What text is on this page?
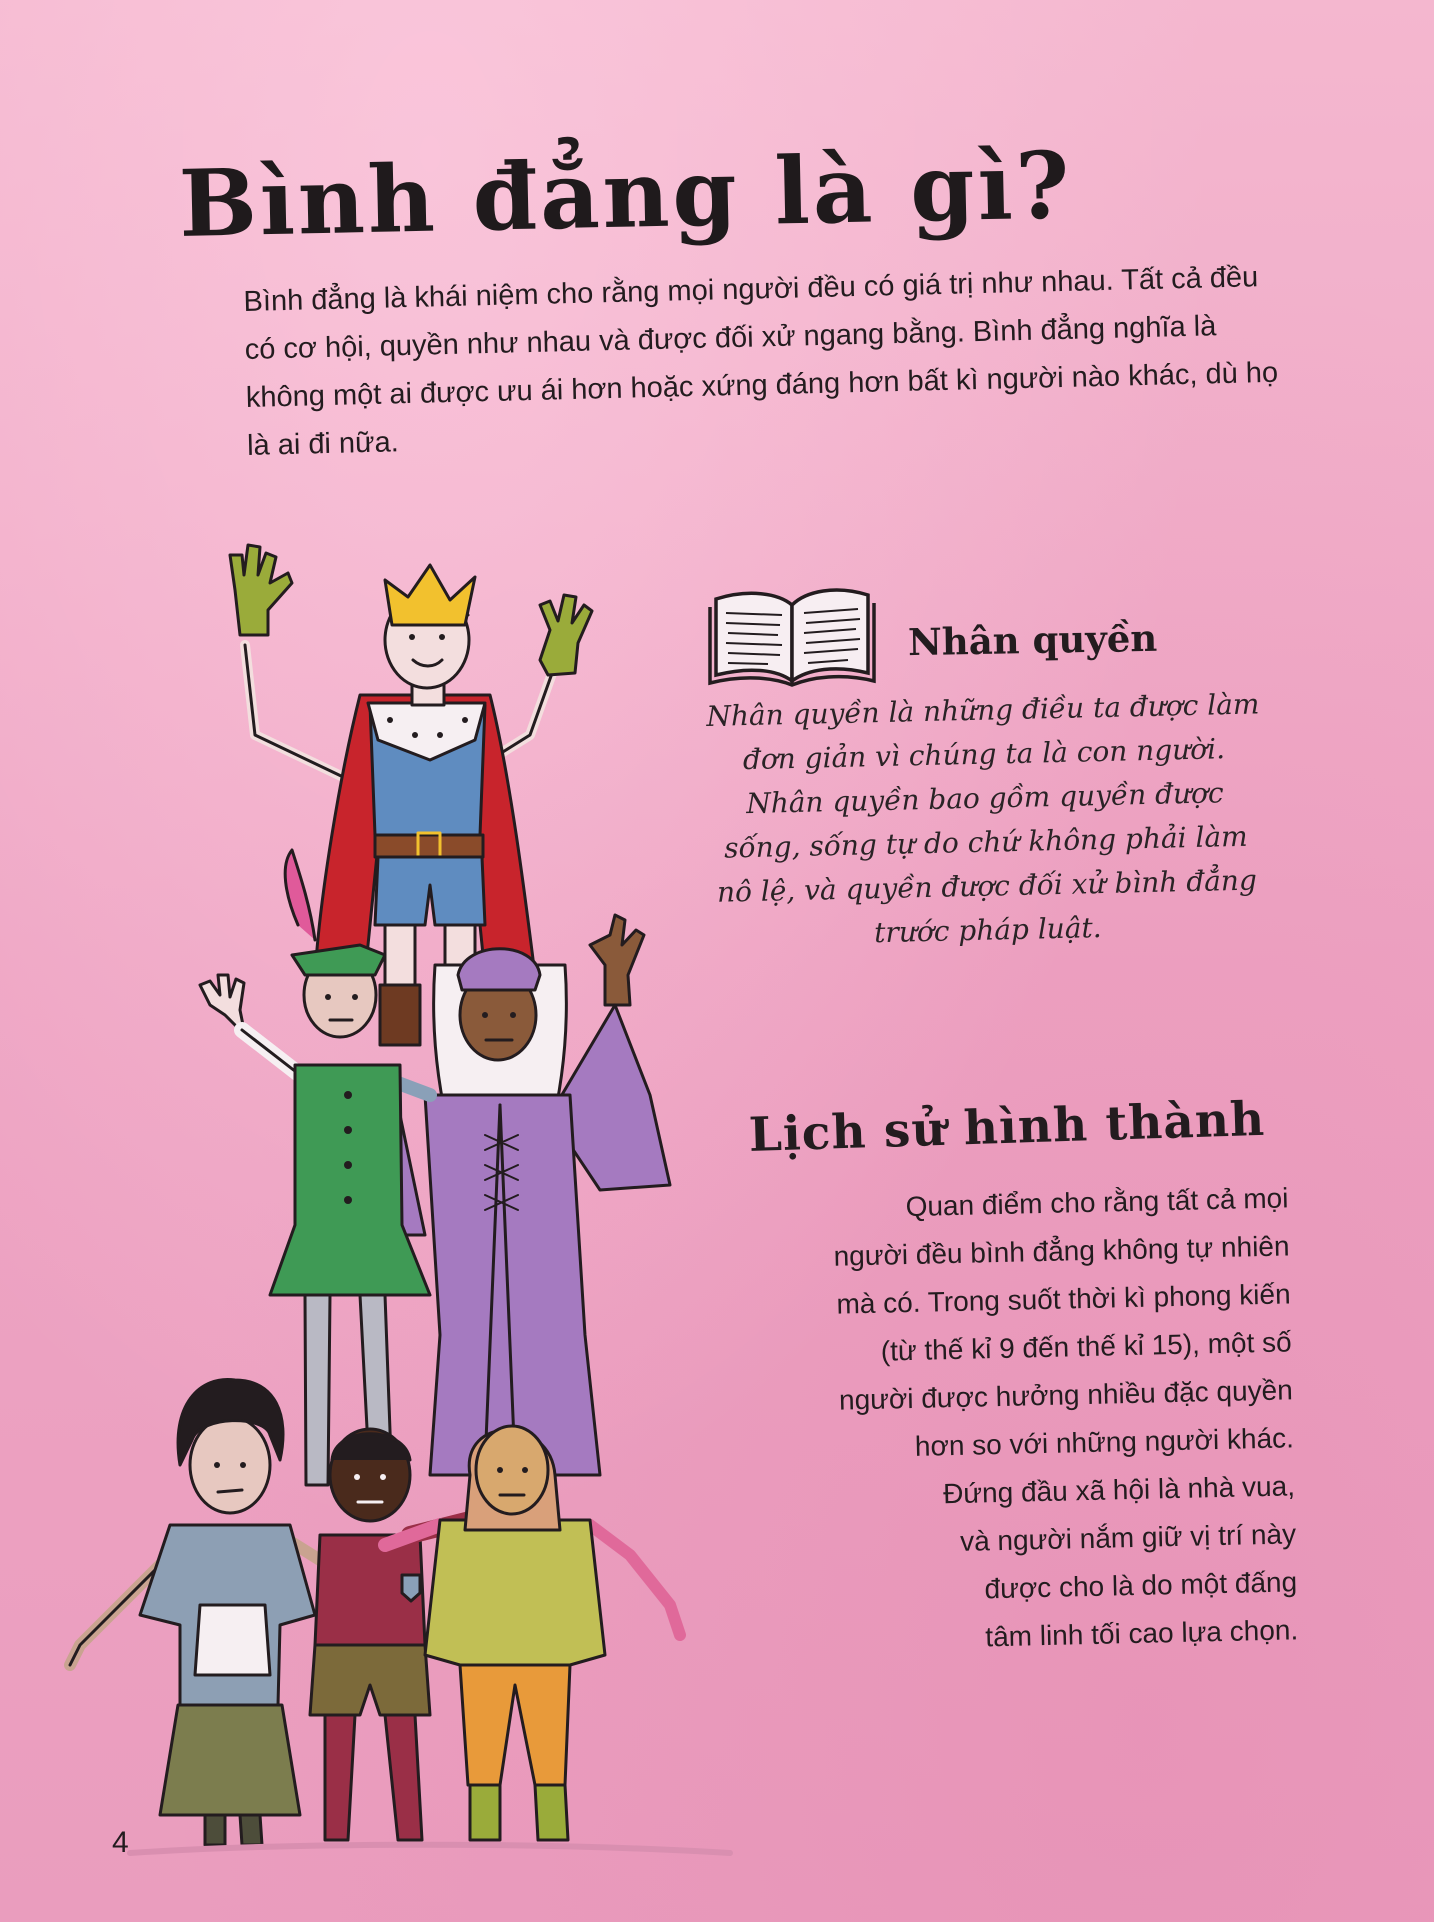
Bình đẳng là gì?

Bình đẳng là khái niệm cho rằng mọi người đều có giá trị như nhau. Tất cả đều có cơ hội, quyền như nhau và được đối xử ngang bằng. Bình đẳng nghĩa là không một ai được ưu ái hơn hoặc xứng đáng hơn bất kì người nào khác, dù họ là ai đi nữa.

Nhân quyền

Nhân quyền là những điều ta được làm đơn giản vì chúng ta là con người. Nhân quyền bao gồm quyền được sống, sống tự do chứ không phải làm nô lệ, và quyền được đối xử bình đẳng trước pháp luật.

Lịch sử hình thành
Quan điểm cho rằng tất cả mọi
người đều bình đẳng không tự nhiên
mà có. Trong suốt thời kì phong kiến
(từ thế kỉ 9 đến thế kỉ 15), một số
người được hưởng nhiều đặc quyền
hơn so với những người khác.
Đứng đầu xã hội là nhà vua,
và người nắm giữ vị trí này
được cho là do một đấng
tâm linh tối cao lựa chọn.
4
